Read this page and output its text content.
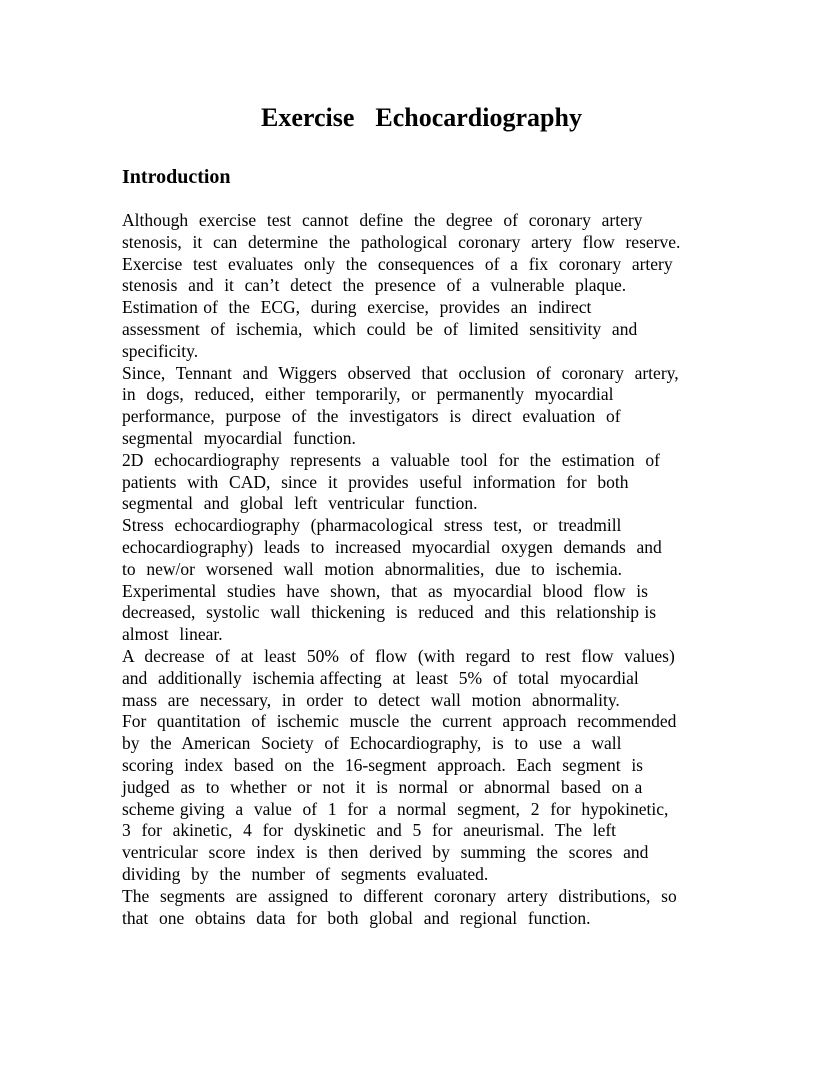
Exercise  Echocardiography
Introduction
Although  exercise  test  cannot  define  the  degree  of  coronary  artery
stenosis,  it  can  determine  the  pathological  coronary  artery  flow  reserve.
Exercise  test  evaluates  only  the  consequences  of  a  fix  coronary  artery
stenosis  and  it  can’t  detect  the  presence  of  a  vulnerable  plaque.
Estimation of  the  ECG,  during  exercise,  provides  an  indirect
assessment  of  ischemia,  which  could  be  of  limited  sensitivity  and
specificity.
Since,  Tennant  and  Wiggers  observed  that  occlusion  of  coronary  artery,
in  dogs,  reduced,  either  temporarily,  or  permanently  myocardial
performance,  purpose  of  the  investigators  is  direct  evaluation  of
segmental  myocardial  function.
2D  echocardiography  represents  a  valuable  tool  for  the  estimation  of
patients  with  CAD,  since  it  provides  useful  information  for  both
segmental  and  global  left  ventricular  function.
Stress  echocardiography  (pharmacological  stress  test,  or  treadmill
echocardiography)  leads  to  increased  myocardial  oxygen  demands  and
to  new/or  worsened  wall  motion  abnormalities,  due  to  ischemia.
Experimental  studies  have  shown,  that  as  myocardial  blood  flow  is
decreased,  systolic  wall  thickening  is  reduced  and  this  relationship is
almost  linear.
A  decrease  of  at  least  50%  of  flow  (with  regard  to  rest  flow  values)
and  additionally  ischemia affecting  at  least  5%  of  total  myocardial
mass  are  necessary,  in  order  to  detect  wall  motion  abnormality.
For  quantitation  of  ischemic  muscle  the  current  approach  recommended
by  the  American  Society  of  Echocardiography,  is  to  use  a  wall
scoring  index  based  on  the  16-segment  approach.  Each  segment  is
judged  as  to  whether  or  not  it  is  normal  or  abnormal  based  on a
scheme giving  a  value  of  1  for  a  normal  segment,  2  for  hypokinetic,
3  for  akinetic,  4  for  dyskinetic  and  5  for  aneurismal.  The  left
ventricular  score  index  is  then  derived  by  summing  the  scores  and
dividing  by  the  number  of  segments  evaluated.
The  segments  are  assigned  to  different  coronary  artery  distributions,  so
that  one  obtains  data  for  both  global  and  regional  function.
